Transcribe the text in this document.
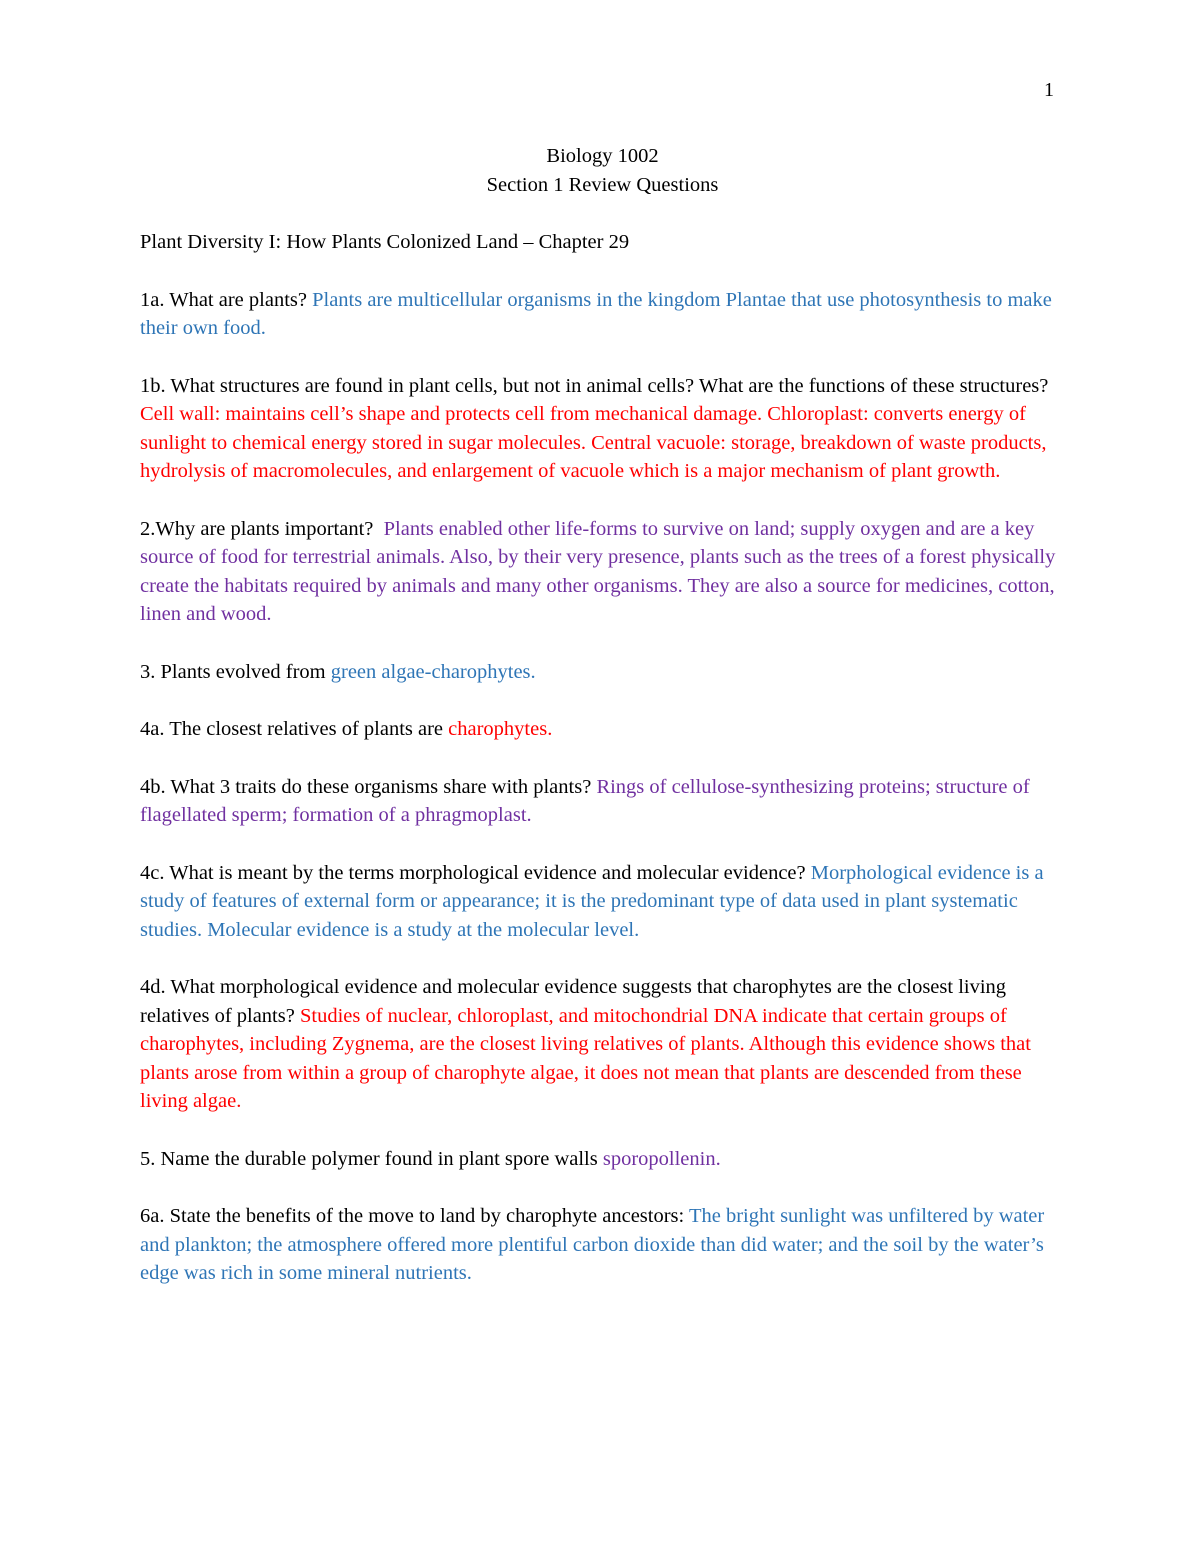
1

Biology 1002

Section 1 Review Questions

Plant Diversity I: How Plants Colonized Land – Chapter 29

1a. What are plants? Plants are multicellular organisms in the kingdom Plantae that use photosynthesis to make their own food.

1b. What structures are found in plant cells, but not in animal cells? What are the functions of these structures? Cell wall: maintains cell’s shape and protects cell from mechanical damage. Chloroplast: converts energy of sunlight to chemical energy stored in sugar molecules. Central vacuole: storage, breakdown of waste products, hydrolysis of macromolecules, and enlargement of vacuole which is a major mechanism of plant growth.

2.Why are plants important?  Plants enabled other life-forms to survive on land; supply oxygen and are a key source of food for terrestrial animals. Also, by their very presence, plants such as the trees of a forest physically create the habitats required by animals and many other organisms. They are also a source for medicines, cotton, linen and wood.

3. Plants evolved from green algae-charophytes.

4a. The closest relatives of plants are charophytes.

4b. What 3 traits do these organisms share with plants? Rings of cellulose-synthesizing proteins; structure of flagellated sperm; formation of a phragmoplast.

4c. What is meant by the terms morphological evidence and molecular evidence? Morphological evidence is a study of features of external form or appearance; it is the predominant type of data used in plant systematic studies. Molecular evidence is a study at the molecular level.

4d. What morphological evidence and molecular evidence suggests that charophytes are the closest living relatives of plants? Studies of nuclear, chloroplast, and mitochondrial DNA indicate that certain groups of charophytes, including Zygnema, are the closest living relatives of plants. Although this evidence shows that plants arose from within a group of charophyte algae, it does not mean that plants are descended from these living algae.

5. Name the durable polymer found in plant spore walls sporopollenin.

6a. State the benefits of the move to land by charophyte ancestors: The bright sunlight was unfiltered by water and plankton; the atmosphere offered more plentiful carbon dioxide than did water; and the soil by the water’s edge was rich in some mineral nutrients.
